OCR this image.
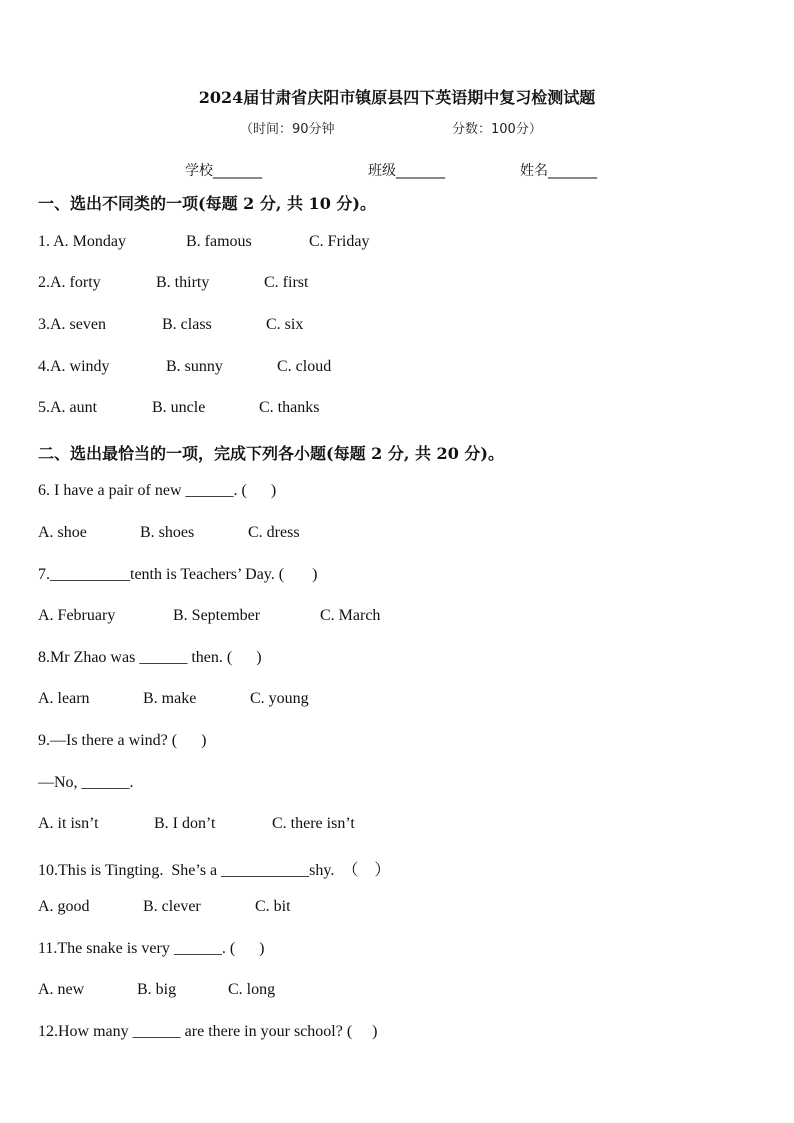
2024届甘肃省庆阳市镇原县四下英语期中复习检测试题
（时间：90分钟	分数：100分）
学校_______	班级_______	姓名_______
一、选出不同类的一项(每题 2 分, 共 10 分)。
1. A. Monday	B. famous	C. Friday
2.A. forty	B. thirty	C. first
3.A. seven	B. class	C. six
4.A. windy	B. sunny	C. cloud
5.A. aunt	B. uncle	C. thanks
二、选出最恰当的一项，完成下列各小题(每题 2 分, 共 20 分)。
6. I have a pair of new ______. (      )
A. shoe	B. shoes	C. dress
7.__________tenth is Teachers’ Day. (       )
A. February	B. September	C. March
8.Mr Zhao was ______ then. (      )
A. learn	B. make	C. young
9.—Is there a wind? (      )
—No, ______.
A. it isn’t	B. I don’t	C. there isn’t
10.This is Tingting.  She’s a ___________shy.  （    ）
A. good	B. clever	C. bit
11.The snake is very ______. (      )
A. new	B. big	C. long
12.How many ______ are there in your school? (     )
